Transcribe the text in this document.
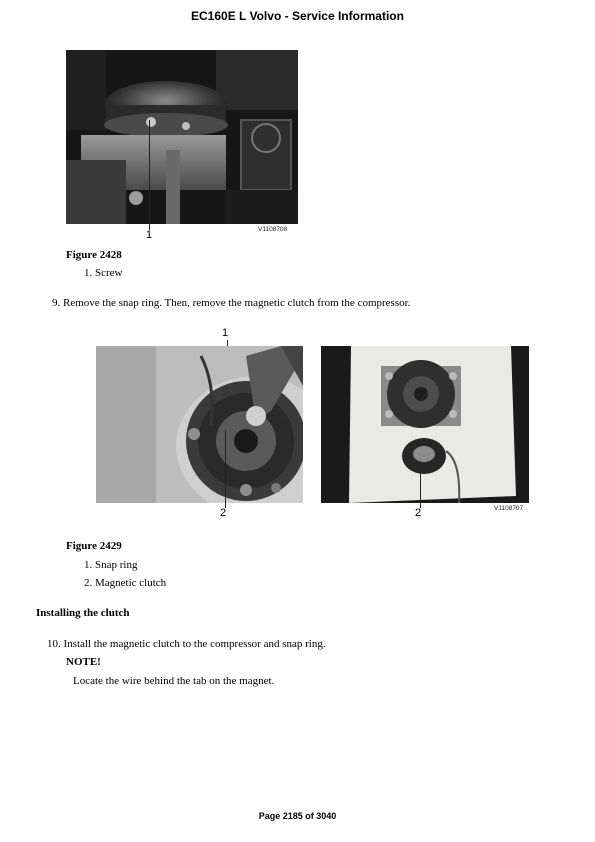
EC160E L Volvo - Service Information
1	V1108708
Figure 2428
1. Screw
9. Remove the snap ring. Then, remove the magnetic clutch from the compressor.
1
2	2	V1108707
Figure 2429
1. Snap ring
2. Magnetic clutch
Installing the clutch
10. Install the magnetic clutch to the compressor and snap ring.
NOTE!
Locate the wire behind the tab on the magnet.
Page 2185 of 3040
